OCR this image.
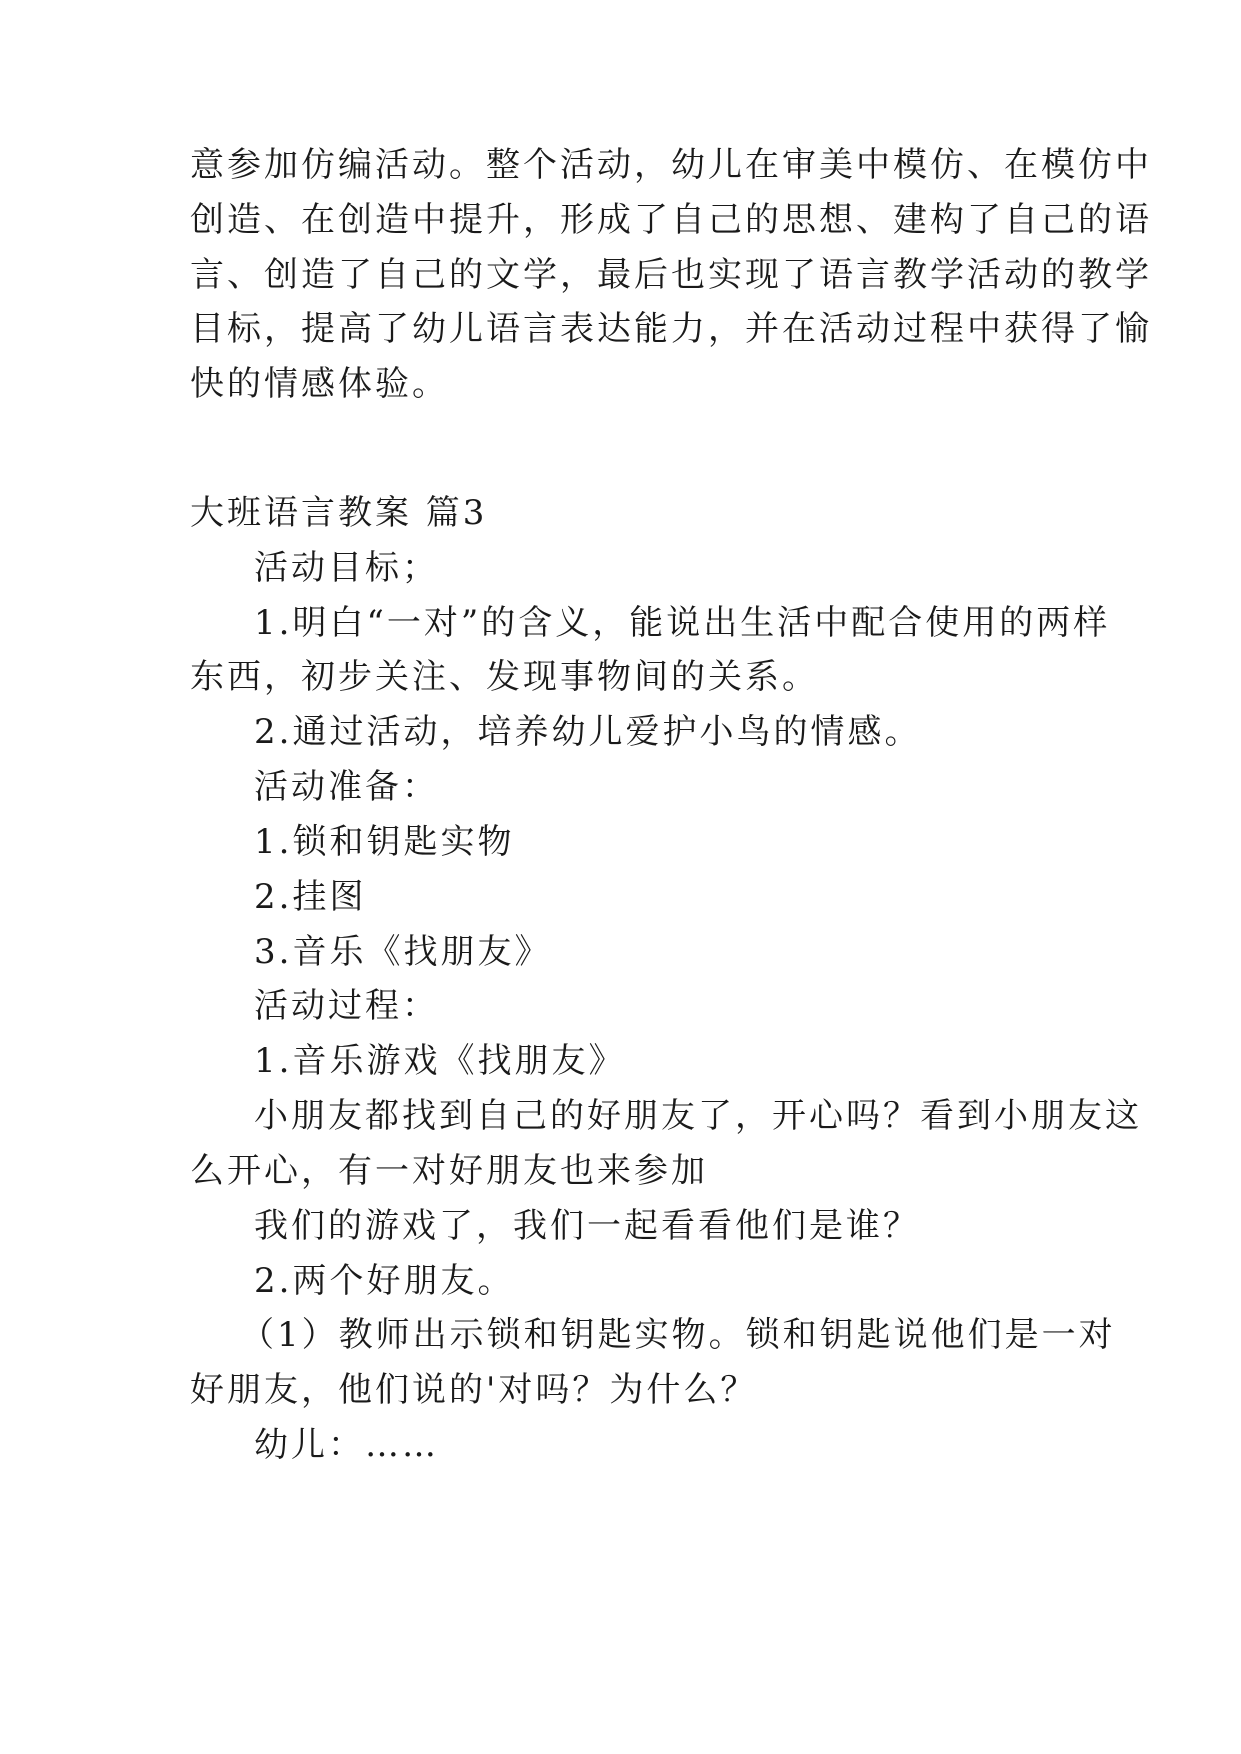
意参加仿编活动。整个活动，幼儿在审美中模仿、在模仿中
创造、在创造中提升，形成了自己的思想、建构了自己的语
言、创造了自己的文学，最后也实现了语言教学活动的教学
目标，提高了幼儿语言表达能力，并在活动过程中获得了愉
快的情感体验。
大班语言教案 篇3
活动目标；
1.明白“一对”的含义，能说出生活中配合使用的两样
东西，初步关注、发现事物间的关系。
2.通过活动，培养幼儿爱护小鸟的情感。
活动准备：
1.锁和钥匙实物
2.挂图
3.音乐《找朋友》
活动过程：
1.音乐游戏《找朋友》
小朋友都找到自己的好朋友了，开心吗？看到小朋友这
么开心，有一对好朋友也来参加
我们的游戏了，我们一起看看他们是谁？
2.两个好朋友。
（1）教师出示锁和钥匙实物。锁和钥匙说他们是一对
好朋友，他们说的'对吗？为什么？
幼儿：……
